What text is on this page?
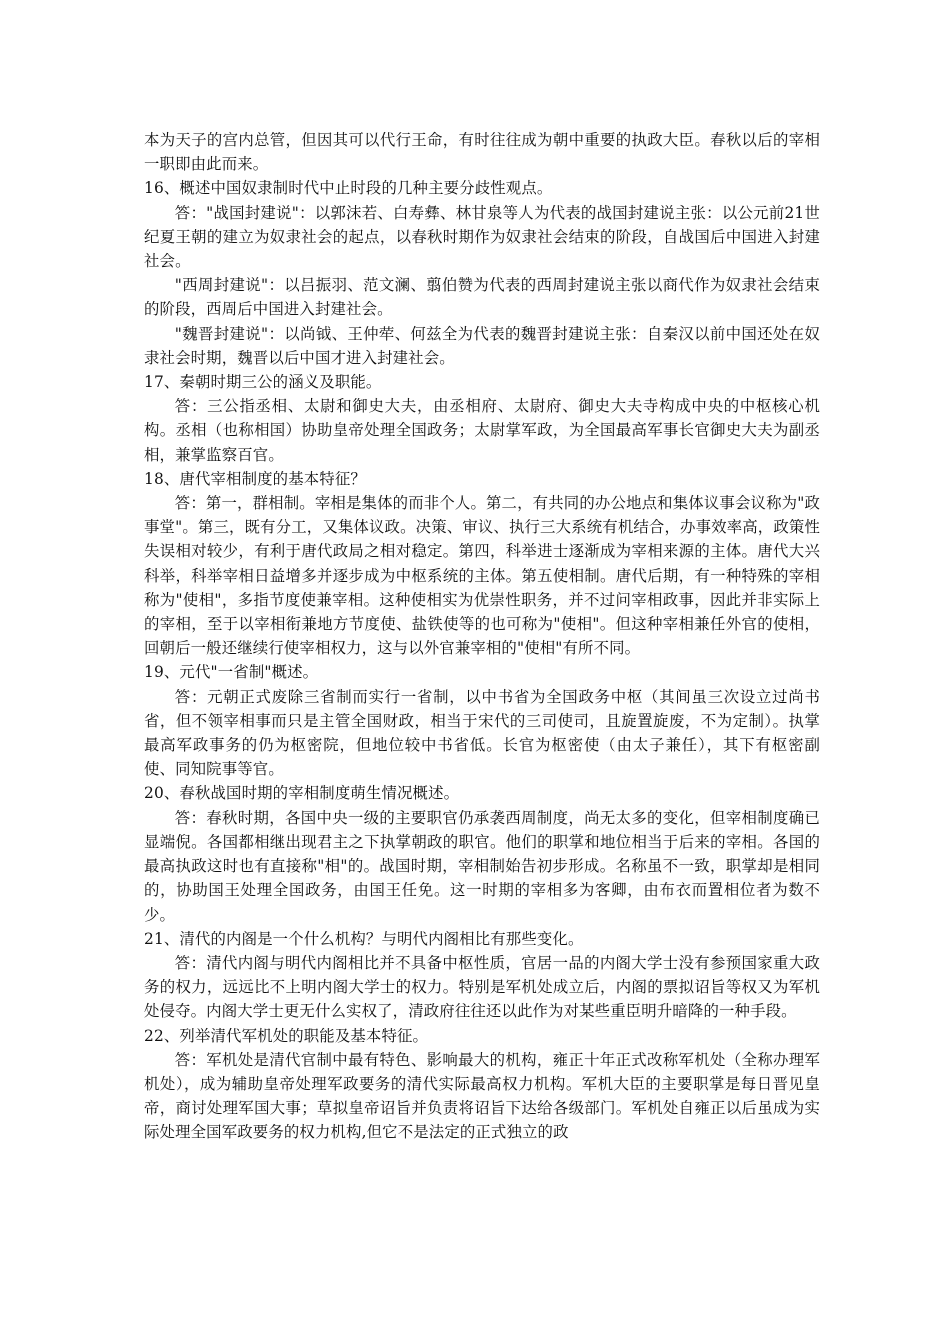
本为天子的宫内总管，但因其可以代行王命，有时往往成为朝中重要的执政大臣。春秋以后的宰相一职即由此而来。

16、概述中国奴隶制时代中止时段的几种主要分歧性观点。

答："战国封建说"：以郭沫若、白寿彝、林甘泉等人为代表的战国封建说主张：以公元前21世纪夏王朝的建立为奴隶社会的起点，以春秋时期作为奴隶社会结束的阶段，自战国后中国进入封建社会。

"西周封建说"：以吕振羽、范文澜、翦伯赞为代表的西周封建说主张以商代作为奴隶社会结束的阶段，西周后中国进入封建社会。

"魏晋封建说"：以尚钺、王仲荦、何兹全为代表的魏晋封建说主张：自秦汉以前中国还处在奴隶社会时期，魏晋以后中国才进入封建社会。

17、秦朝时期三公的涵义及职能。

答：三公指丞相、太尉和御史大夫，由丞相府、太尉府、御史大夫寺构成中央的中枢核心机构。丞相（也称相国）协助皇帝处理全国政务；太尉掌军政，为全国最高军事长官御史大夫为副丞相，兼掌监察百官。

18、唐代宰相制度的基本特征？

答：第一，群相制。宰相是集体的而非个人。第二，有共同的办公地点和集体议事会议称为"政事堂"。第三，既有分工，又集体议政。决策、审议、执行三大系统有机结合，办事效率高，政策性失误相对较少，有利于唐代政局之相对稳定。第四，科举进士逐渐成为宰相来源的主体。唐代大兴科举，科举宰相日益增多并逐步成为中枢系统的主体。第五使相制。唐代后期，有一种特殊的宰相称为"使相"，多指节度使兼宰相。这种使相实为优崇性职务，并不过问宰相政事，因此并非实际上的宰相，至于以宰相衔兼地方节度使、盐铁使等的也可称为"使相"。但这种宰相兼任外官的使相，回朝后一般还继续行使宰相权力，这与以外官兼宰相的"使相"有所不同。

19、元代"一省制"概述。

答：元朝正式废除三省制而实行一省制，以中书省为全国政务中枢（其间虽三次设立过尚书省，但不领宰相事而只是主管全国财政，相当于宋代的三司使司，且旋置旋废，不为定制）。执掌最高军政事务的仍为枢密院，但地位较中书省低。长官为枢密使（由太子兼任），其下有枢密副使、同知院事等官。

20、春秋战国时期的宰相制度萌生情况概述。

答：春秋时期，各国中央一级的主要职官仍承袭西周制度，尚无太多的变化，但宰相制度确已显端倪。各国都相继出现君主之下执掌朝政的职官。他们的职掌和地位相当于后来的宰相。各国的最高执政这时也有直接称"相"的。战国时期，宰相制始告初步形成。名称虽不一致，职掌却是相同的，协助国王处理全国政务，由国王任免。这一时期的宰相多为客卿，由布衣而置相位者为数不少。

21、清代的内阁是一个什么机构？与明代内阁相比有那些变化。

答：清代内阁与明代内阁相比并不具备中枢性质，官居一品的内阁大学士没有参预国家重大政务的权力，远远比不上明内阁大学士的权力。特别是军机处成立后，内阁的票拟诏旨等权又为军机处侵夺。内阁大学士更无什么实权了，清政府往往还以此作为对某些重臣明升暗降的一种手段。

22、列举清代军机处的职能及基本特征。

答：军机处是清代官制中最有特色、影响最大的机构，雍正十年正式改称军机处（全称办理军机处），成为辅助皇帝处理军政要务的清代实际最高权力机构。军机大臣的主要职掌是每日晋见皇帝，商讨处理军国大事；草拟皇帝诏旨并负责将诏旨下达给各级部门。军机处自雍正以后虽成为实际处理全国军政要务的权力机构,但它不是法定的正式独立的政
